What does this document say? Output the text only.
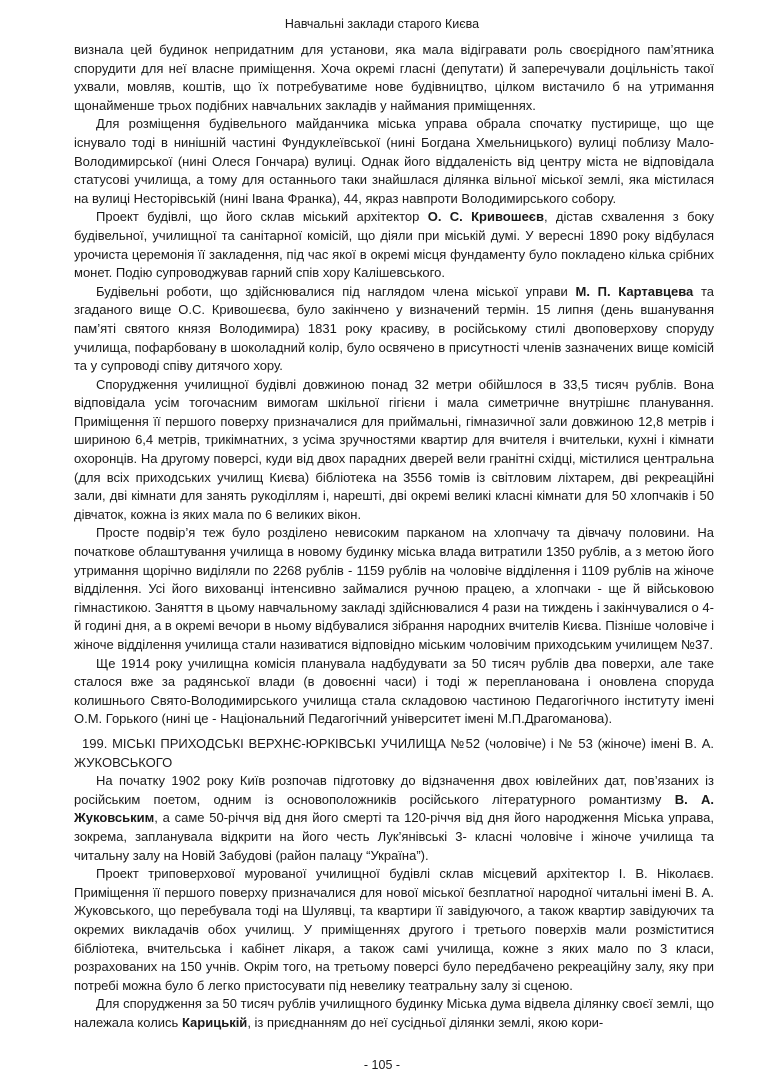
Навчальні заклади старого Києва

визнала цей будинок непридатним для установи, яка мала відігравати роль своєрідного пам’ятника спорудити для неї власне приміщення. Хоча окремі гласні (депутати) й заперечували доцільність такої ухвали, мовляв, коштів, що їх потребуватиме нове будівництво, цілком вистачило б на утримання щонайменше трьох подібних навчальних закладів у наймания приміщеннях.

Для розміщення будівельного майданчика міська управа обрала спочатку пустирище, що ще існувало тоді в нинішній частині Фундуклеївської (нині Богдана Хмельницького) вулиці поблизу Мало-Володимирської (нині Олеся Гончара) вулиці. Однак його віддаленість від центру міста не відповідала статусові училища, а тому для останнього таки знайшлася ділянка вільної міської землі, яка містилася на вулиці Несторівській (нині Івана Франка), 44, якраз навпроти Володимирського собору.

Проект будівлі, що його склав міський архітектор О. С. Кривошеєв, дістав схвалення з боку будівельної, училищної та санітарної комісій, що діяли при міській думі. У вересні 1890 року відбулася урочиста церемонія її закладення, під час якої в окремі місця фундаменту було покладено кілька срібних монет. Подію супроводжував гарний спів хору Калішевського.

Будівельні роботи, що здійснювалися під наглядом члена міської управи М. П. Картавцева та згаданого вище О.С. Кривошеєва, було закінчено у визначений термін. 15 липня (день вшанування пам’яті святого князя Володимира) 1831 року красиву, в російському стилі двоповерхову споруду училища, пофарбовану в шоколадний колір, було освячено в присутності членів зазначених вище комісій та у супроводі співу дитячого хору.

Спорудження училищної будівлі довжиною понад 32 метри обійшлося в 33,5 тисяч рублів. Вона відповідала усім тогочасним вимогам шкільної гігієни і мала симетричне внутрішнє планування. Приміщення її першого поверху призначалися для приймальні, гімназичної зали довжиною 12,8 метрів і шириною 6,4 метрів, трикімнатних, з усіма зручностями квартир для вчителя і вчительки, кухні і кімнати охоронців. На другому поверсі, куди від двох парадних дверей вели гранітні східці, містилися центральна (для всіх приходських училищ Києва) бібліотека на 3556 томів із світловим ліхтарем, дві рекреаційні зали, дві кімнати для занять рукоділлям і, нарешті, дві окремі великі класні кімнати для 50 хлопчаків і 50 дівчаток, кожна із яких мала по 6 великих вікон.

Просте подвір’я теж було розділено невисоким парканом на хлопчачу та дівчачу половини. На початкове облаштування училища в новому будинку міська влада витратили 1350 рублів, а з метою його утримання щорічно виділяли по 2268 рублів - 1159 рублів на чоловіче відділення і 1109 рублів на жіноче відділення. Усі його вихованці інтенсивно займалися ручною працею, а хлопчаки - ще й військовою гімнастикою. Заняття в цьому навчальному закладі здійснювалися 4 рази на тиждень і закінчувалися о 4-й годині дня, а в окремі вечори в ньому відбувалися зібрання народних вчителів Києва. Пізніше чоловіче і жіноче відділення училища стали називатися відповідно міським чоловічим приходським училищем №37.

Ще 1914 року училищна комісія планувала надбудувати за 50 тисяч рублів два поверхи, але таке сталося вже за радянської влади (в довоєнні часи) і тоді ж перепланована і оновлена споруда колишнього Свято-Володимирського училища стала складовою частиною Педагогічного інституту імені О.М. Горького (нині це - Національний Педагогічний університет імені М.П.Драгоманова).

199. МІСЬКІ ПРИХОДСЬКІ ВЕРХНЄ-ЮРКІВСЬКІ УЧИЛИЩА №52 (чоловіче) і № 53 (жіноче) імені В. А. ЖУКОВСЬКОГО

На початку 1902 року Київ розпочав підготовку до відзначення двох ювілейних дат, пов’язаних із російським поетом, одним із основоположників російського літературного романтизму В. А. Жуковським, а саме 50-річчя від дня його смерті та 120-річчя від дня його народження Міська управа, зокрема, запланувала відкрити на його честь Лук’янівські 3- класні чоловіче і жіноче училища та читальну залу на Новій Забудові (район палацу “Україна”).

Проект триповерхової мурованої училищної будівлі склав місцевий архітектор І. В. Ніколаєв. Приміщення її першого поверху призначалися для нової міської безплатної народної читальні імені В. А. Жуковського, що перебувала тоді на Шулявці, та квартири її завідуючого, а також квартир завідуючих та окремих викладачів обох училищ. У приміщеннях другого і третього поверхів мали розміститися бібліотека, вчительська і кабінет лікаря, а також самі училища, кожне з яких мало по 3 класи, розрахованих на 150 учнів. Окрім того, на третьому поверсі було передбачено рекреаційну залу, яку при потребі можна було б легко пристосувати під невелику театральну залу зі сценою.

Для спорудження за 50 тисяч рублів училищного будинку Міська дума відвела ділянку своєї землі, що належала колись Карицькій, із приєднанням до неї сусідньої ділянки землі, якою кори-

- 105 -
